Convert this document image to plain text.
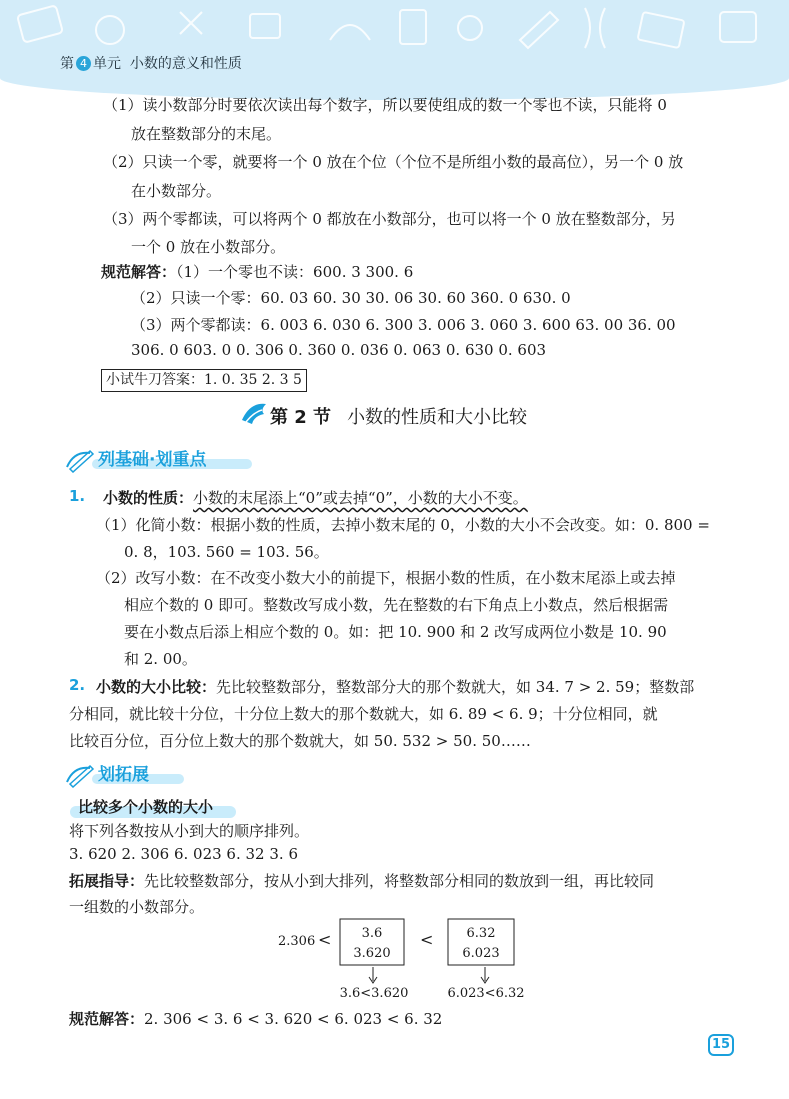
第 4 单元 小数的意义和性质
（1）读小数部分时要依次读出每个数字，所以要使组成的数一个零也不读，只能将 0
放在整数部分的末尾。
（2）只读一个零，就要将一个 0 放在个位（个位不是所组小数的最高位），另一个 0 放
在小数部分。
（3）两个零都读，可以将两个 0 都放在小数部分，也可以将一个 0 放在整数部分，另
一个 0 放在小数部分。
规范解答：（1）一个零也不读：600. 3 300. 6
（2）只读一个零：60. 03 60. 30 30. 06 30. 60 360. 0 630. 0
（3）两个零都读：6. 003 6. 030 6. 300 3. 006 3. 060 3. 600 63. 00 36. 00
306. 0 603. 0 0. 306 0. 360 0. 036 0. 063 0. 630 0. 603
小试牛刀答案：1. 0. 35 2. 3 5
第 2 节 小数的性质和大小比较
列基础·划重点
1. 小数的性质：小数的末尾添上“0”或去掉“0”，小数的大小不变。
（1）化简小数：根据小数的性质，去掉小数末尾的 0，小数的大小不会改变。如：0. 800 =
0. 8，103. 560 = 103. 56。
（2）改写小数：在不改变小数大小的前提下，根据小数的性质，在小数末尾添上或去掉
相应个数的 0 即可。整数改写成小数，先在整数的右下角点上小数点，然后根据需
要在小数点后添上相应个数的 0。如：把 10. 900 和 2 改写成两位小数是 10. 90
和 2. 00。
2. 小数的大小比较：先比较整数部分，整数部分大的那个数就大，如 34. 7 > 2. 59；整数部
分相同，就比较十分位，十分位上数大的那个数就大，如 6. 89 < 6. 9；十分位相同，就
比较百分位，百分位上数大的那个数就大，如 50. 532 > 50. 50……
划拓展
比较多个小数的大小
将下列各数按从小到大的顺序排列。
3. 620 2. 306 6. 023 6. 32 3. 6
拓展指导：先比较整数部分，按从小到大排列，将整数部分相同的数放到一组，再比较同
一组数的小数部分。
2.306 < 3.6
3.620
<	6.32
6.023
3.6<3.620	6.023<6.32
规范解答：2. 306 < 3. 6 < 3. 620 < 6. 023 < 6. 32
15
